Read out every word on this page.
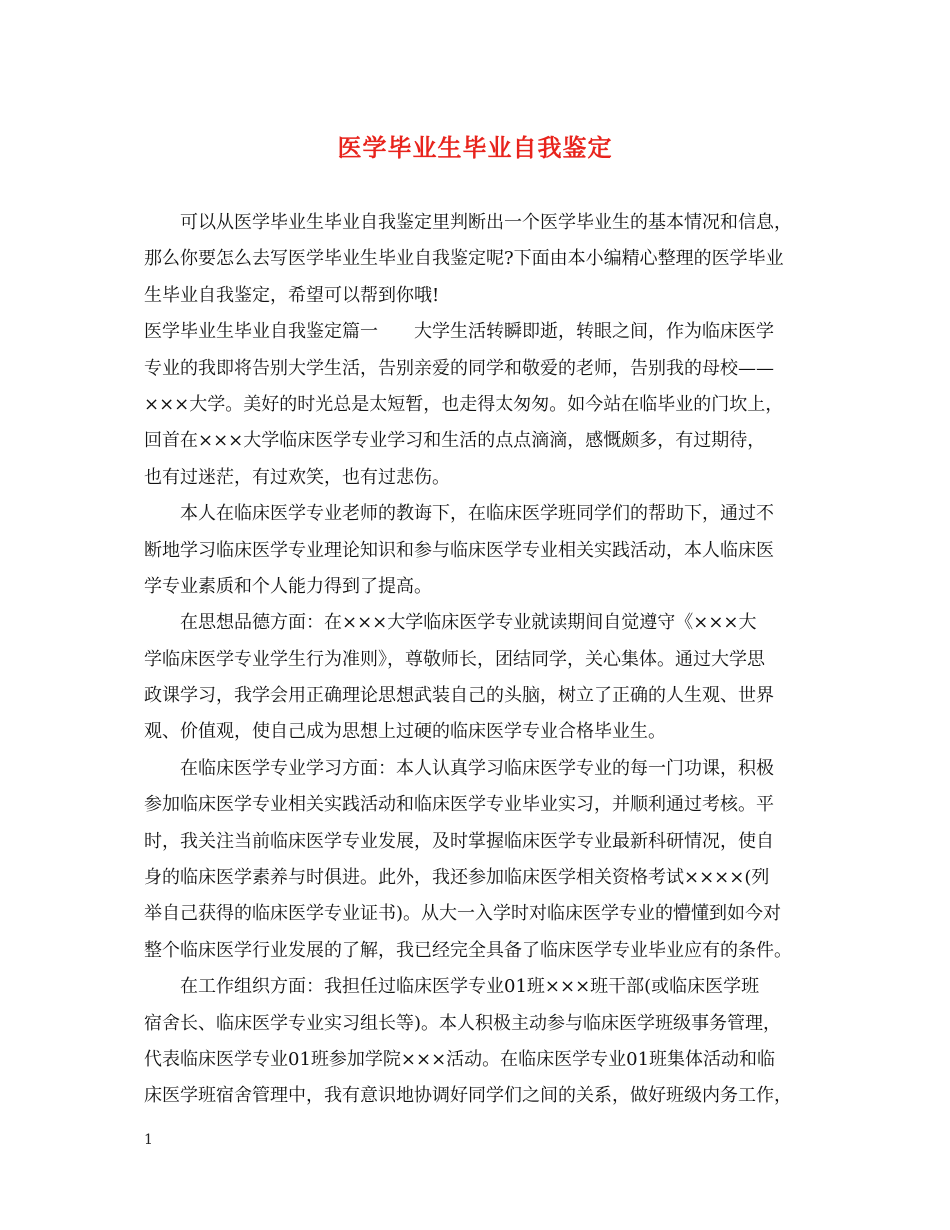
医学毕业生毕业自我鉴定
可以从医学毕业生毕业自我鉴定里判断出一个医学毕业生的基本情况和信息，
那么你要怎么去写医学毕业生毕业自我鉴定呢?下面由本小编精心整理的医学毕业
生毕业自我鉴定，希望可以帮到你哦!
医学毕业生毕业自我鉴定篇一　　大学生活转瞬即逝，转眼之间，作为临床医学
专业的我即将告别大学生活，告别亲爱的同学和敬爱的老师，告别我的母校——
×××大学。美好的时光总是太短暂，也走得太匆匆。如今站在临毕业的门坎上，
回首在×××大学临床医学专业学习和生活的点点滴滴，感慨颇多，有过期待，
也有过迷茫，有过欢笑，也有过悲伤。
本人在临床医学专业老师的教诲下，在临床医学班同学们的帮助下，通过不
断地学习临床医学专业理论知识和参与临床医学专业相关实践活动，本人临床医
学专业素质和个人能力得到了提高。
在思想品德方面：在×××大学临床医学专业就读期间自觉遵守《×××大
学临床医学专业学生行为准则》，尊敬师长，团结同学，关心集体。通过大学思
政课学习，我学会用正确理论思想武装自己的头脑，树立了正确的人生观、世界
观、价值观，使自己成为思想上过硬的临床医学专业合格毕业生。
在临床医学专业学习方面：本人认真学习临床医学专业的每一门功课，积极
参加临床医学专业相关实践活动和临床医学专业毕业实习，并顺利通过考核。平
时，我关注当前临床医学专业发展，及时掌握临床医学专业最新科研情况，使自
身的临床医学素养与时俱进。此外，我还参加临床医学相关资格考试××××(列
举自己获得的临床医学专业证书)。从大一入学时对临床医学专业的懵懂到如今对
整个临床医学行业发展的了解，我已经完全具备了临床医学专业毕业应有的条件。
在工作组织方面：我担任过临床医学专业01班×××班干部(或临床医学班
宿舍长、临床医学专业实习组长等)。本人积极主动参与临床医学班级事务管理，
代表临床医学专业01班参加学院×××活动。在临床医学专业01班集体活动和临
床医学班宿舍管理中，我有意识地协调好同学们之间的关系，做好班级内务工作，
1
